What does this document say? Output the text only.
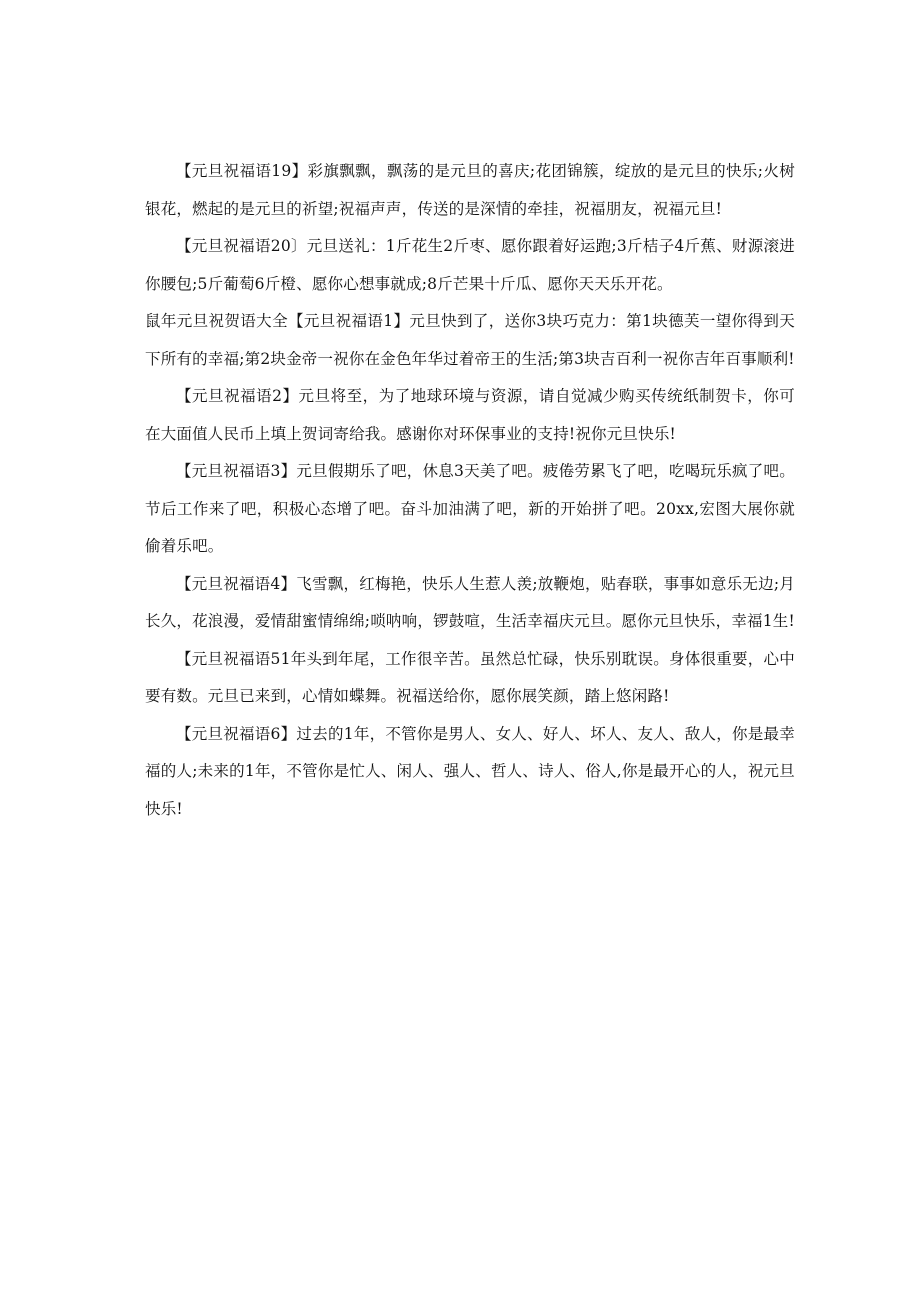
【元旦祝福语19】彩旗飘飘，飘荡的是元旦的喜庆;花团锦簇，绽放的是元旦的快乐;火树银花，燃起的是元旦的祈望;祝福声声，传送的是深情的牵挂，祝福朋友，祝福元旦!

【元旦祝福语20〕元旦送礼：1斤花生2斤枣、愿你跟着好运跑;3斤桔子4斤蕉、财源滚进你腰包;5斤葡萄6斤橙、愿你心想事就成;8斤芒果十斤瓜、愿你天天乐开花。

鼠年元旦祝贺语大全【元旦祝福语1】元旦快到了，送你3块巧克力：第1块德芙一望你得到天下所有的幸福;第2块金帝一祝你在金色年华过着帝王的生活;第3块吉百利一祝你吉年百事顺利!

【元旦祝福语2】元旦将至，为了地球环境与资源，请自觉减少购买传统纸制贺卡，你可在大面值人民币上填上贺词寄给我。感谢你对环保事业的支持!祝你元旦快乐!

【元旦祝福语3】元旦假期乐了吧，休息3天美了吧。疲倦劳累飞了吧，吃喝玩乐疯了吧。节后工作来了吧，积极心态增了吧。奋斗加油满了吧，新的开始拼了吧。20xx,宏图大展你就偷着乐吧。

【元旦祝福语4】飞雪飘，红梅艳，快乐人生惹人羡;放鞭炮，贴春联，事事如意乐无边;月长久，花浪漫，爱情甜蜜情绵绵;唢呐响，锣鼓喧，生活幸福庆元旦。愿你元旦快乐，幸福1生!

【元旦祝福语51年头到年尾，工作很辛苦。虽然总忙碌，快乐别耽误。身体很重要，心中要有数。元旦已来到，心情如蝶舞。祝福送给你，愿你展笑颜，踏上悠闲路!

【元旦祝福语6】过去的1年，不管你是男人、女人、好人、坏人、友人、敌人，你是最幸福的人;未来的1年，不管你是忙人、闲人、强人、哲人、诗人、俗人,你是最开心的人，祝元旦快乐!
